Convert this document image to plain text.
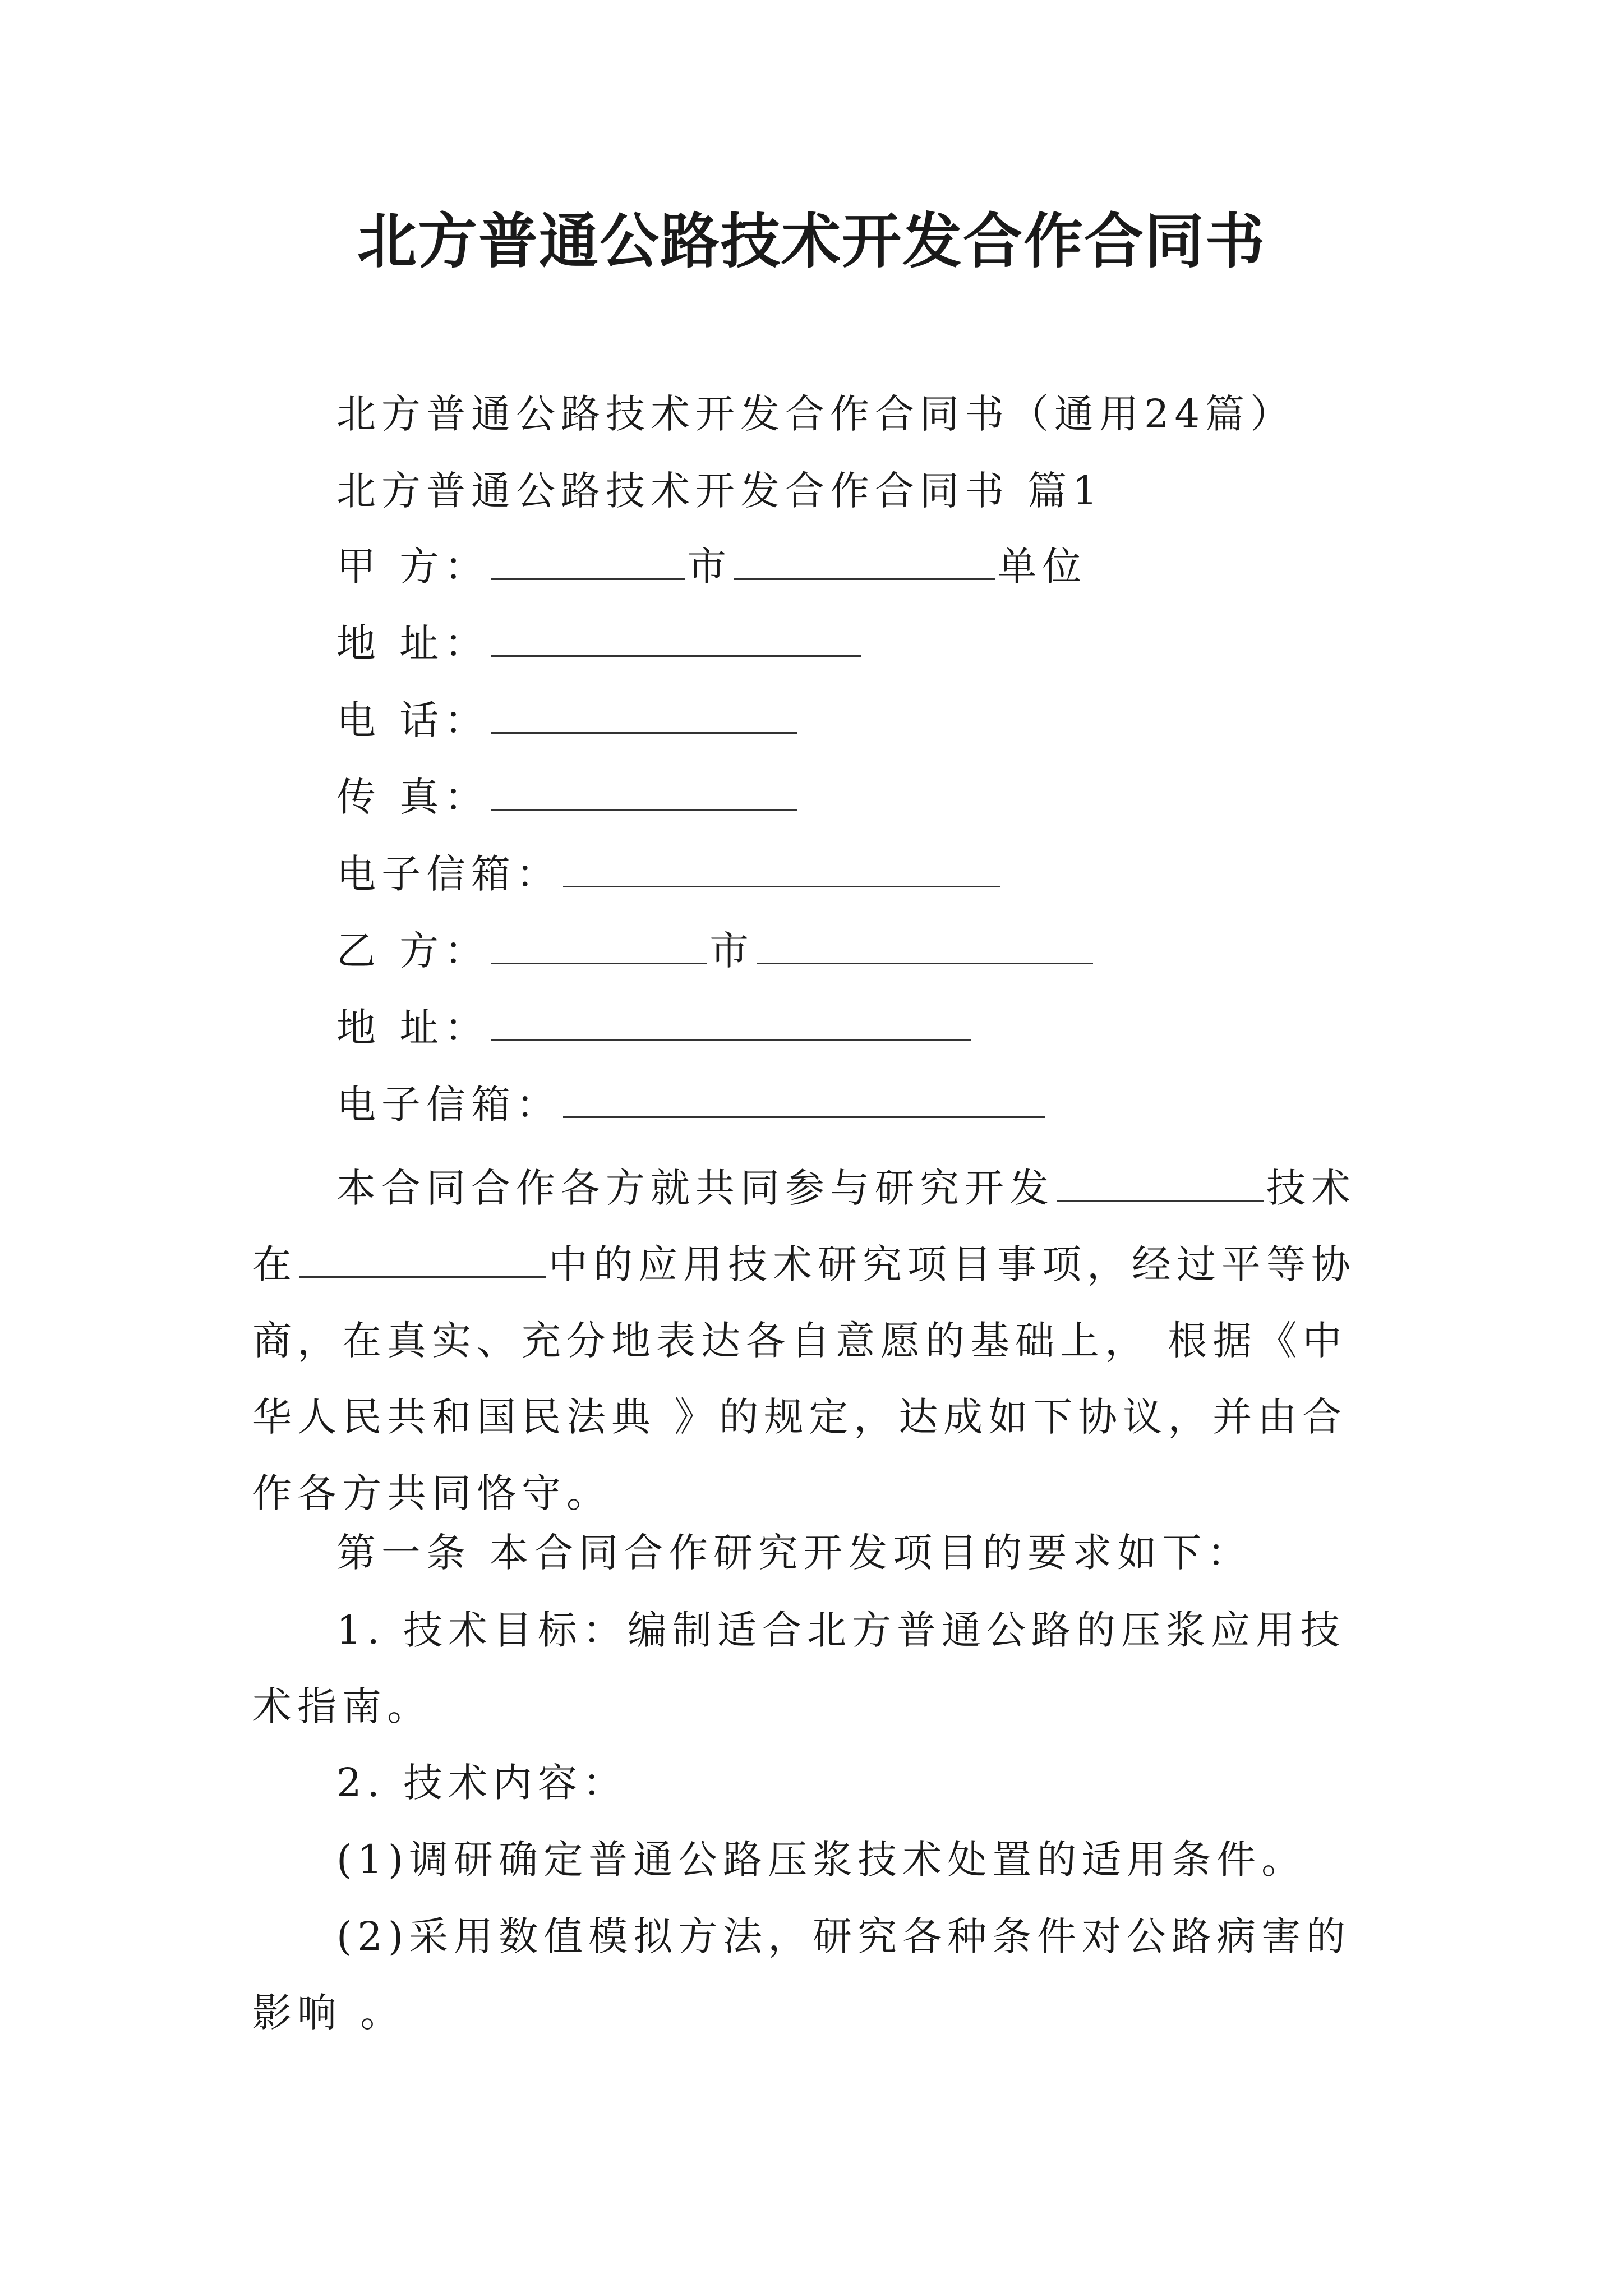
北方普通公路技术开发合作合同书
北方普通公路技术开发合作合同书（通用24篇）
北方普通公路技术开发合作合同书 篇1
甲 方：	市	单位
地 址：
电 话：
传 真：
电子信箱：
乙 方：	市
地 址：
电子信箱：
本合同合作各方就共同参与研究开发	技术在	中的应用技术研究项目事项，经过平等协商，在真实、充分地表达各自意愿的基础上， 根据《中华人民共和国民法典 》的规定，达成如下协议，并由合作各方共同恪守。
第一条 本合同合作研究开发项目的要求如下：
1. 技术目标：编制适合北方普通公路的压浆应用技术指南。
2. 技术内容：
(1)调研确定普通公路压浆技术处置的适用条件。
(2)采用数值模拟方法，研究各种条件对公路病害的影响 。
